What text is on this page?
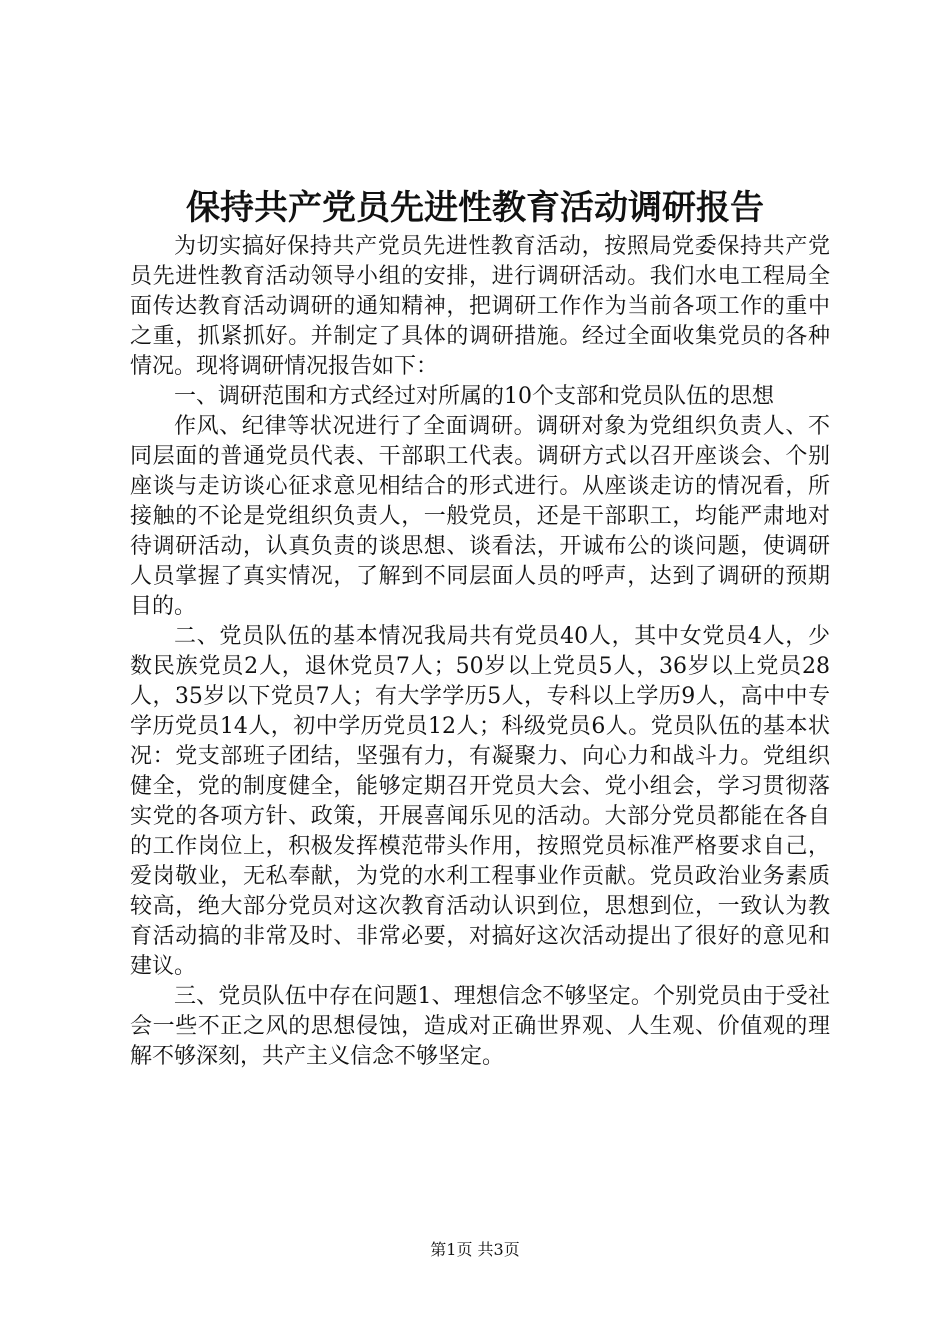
保持共产党员先进性教育活动调研报告

为切实搞好保持共产党员先进性教育活动，按照局党委保持共产党员先进性教育活动领导小组的安排，进行调研活动。我们水电工程局全面传达教育活动调研的通知精神，把调研工作作为当前各项工作的重中之重，抓紧抓好。并制定了具体的调研措施。经过全面收集党员的各种情况。现将调研情况报告如下：

一、调研范围和方式经过对所属的10个支部和党员队伍的思想

作风、纪律等状况进行了全面调研。调研对象为党组织负责人、不同层面的普通党员代表、干部职工代表。调研方式以召开座谈会、个别座谈与走访谈心征求意见相结合的形式进行。从座谈走访的情况看，所接触的不论是党组织负责人，一般党员，还是干部职工，均能严肃地对待调研活动，认真负责的谈思想、谈看法，开诚布公的谈问题，使调研人员掌握了真实情况，了解到不同层面人员的呼声，达到了调研的预期目的。

二、党员队伍的基本情况我局共有党员40人，其中女党员4人，少数民族党员2人，退休党员7人；50岁以上党员5人，36岁以上党员28人，35岁以下党员7人；有大学学历5人，专科以上学历9人，高中中专学历党员14人，初中学历党员12人；科级党员6人。党员队伍的基本状况：党支部班子团结，坚强有力，有凝聚力、向心力和战斗力。党组织健全，党的制度健全，能够定期召开党员大会、党小组会，学习贯彻落实党的各项方针、政策，开展喜闻乐见的活动。大部分党员都能在各自的工作岗位上，积极发挥模范带头作用，按照党员标准严格要求自己，爱岗敬业，无私奉献，为党的水利工程事业作贡献。党员政治业务素质较高，绝大部分党员对这次教育活动认识到位，思想到位，一致认为教育活动搞的非常及时、非常必要，对搞好这次活动提出了很好的意见和建议。

三、党员队伍中存在问题1、理想信念不够坚定。个别党员由于受社会一些不正之风的思想侵蚀，造成对正确世界观、人生观、价值观的理解不够深刻，共产主义信念不够坚定。

第1页 共3页
